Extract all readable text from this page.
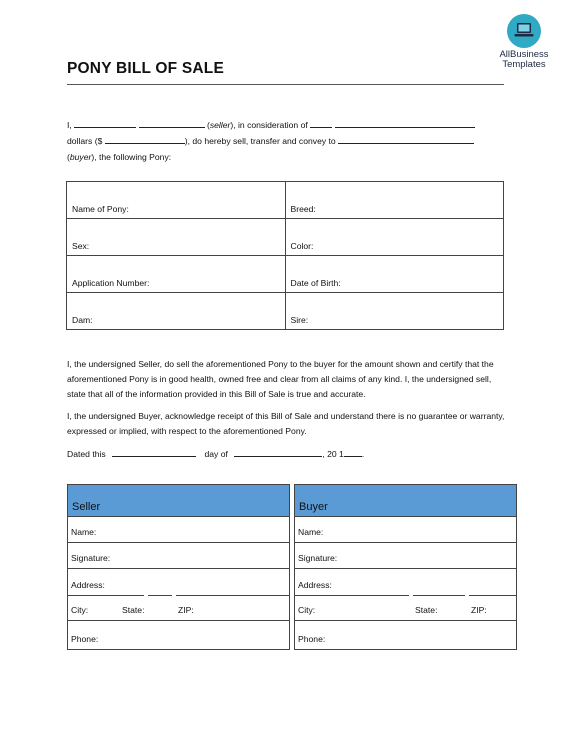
AllBusiness
Templates
PONY BILL OF SALE

I,	(seller), in consideration of

dollars ($	), do hereby sell, transfer and convey to

(buyer), the following Pony:

Name of Pony:	Breed:
Sex:	Color:
Application Number:	Date of Birth:
Dam:	Sire:

I, the undersigned Seller, do sell the aforementioned Pony to the buyer for the amount shown and certify that the aforementioned Pony is in good health, owned free and clear from all claims of any kind. I, the undersigned sell, state that all of the information provided in this Bill of Sale is true and accurate.

I, the undersigned Buyer, acknowledge receipt of this Bill of Sale and understand there is no guarantee or warranty, expressed or implied, with respect to the aforementioned Pony.

Dated this	day of	, 20 1 .
Seller
Name:
Signature:
Address:
City:	State:	ZIP:
Phone:
Buyer
Name:
Signature:
Address:
City:	State:	ZIP:
Phone:
